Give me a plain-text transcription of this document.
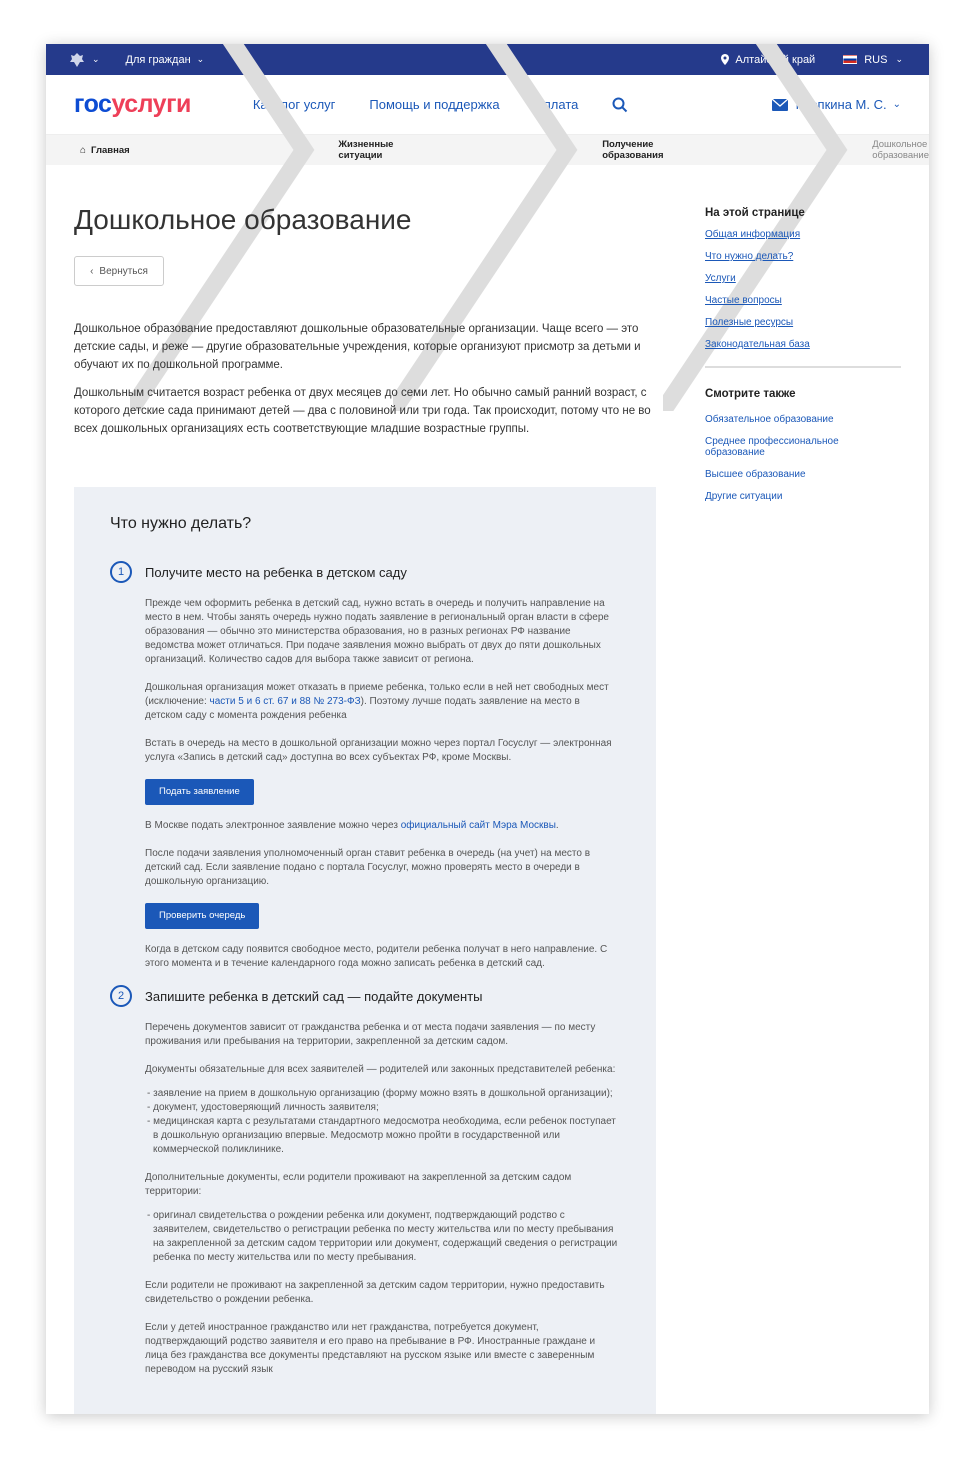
⌄ Для граждан ⌄	Алтайский край	RUS ⌄
госуслуги	Каталог услуг	Помощь и поддержка	Оплата	Кнопкина М. С. ⌄
⌂ Главная	Жизненные ситуации
Получение образования
Дошкольное образование
Дошкольное образование
‹ Вернуться

Дошкольное образование предоставляют дошкольные образовательные организации. Чаще всего — это детские сады, и реже — другие образовательные учреждения, которые организуют присмотр за детьми и обучают их по дошкольной программе.

Дошкольным считается возраст ребенка от двух месяцев до семи лет. Но обычно самый ранний возраст, с которого детские сада принимают детей — два с половиной или три года. Так происходит, потому что не во всех дошкольных организациях есть соответствующие младшие возрастные группы.

Что нужно делать?
1	Получите место на ребенка в детском саду

Прежде чем оформить ребенка в детский сад, нужно встать в очередь и получить направление на место в нем. Чтобы занять очередь нужно подать заявление в региональный орган власти в сфере образования — обычно это министерства образования, но в разных регионах РФ название ведомства может отличаться. При подаче заявления можно выбрать от двух до пяти дошкольных организаций. Количество садов для выбора также зависит от региона.

Дошкольная организация может отказать в приеме ребенка, только если в ней нет свободных мест (исключение: части 5 и 6 ст. 67 и 88 № 273-ФЗ). Поэтому лучше подать заявление на место в детском саду с момента рождения ребенка

Встать в очередь на место в дошкольной организации можно через портал Госуслуг — электронная услуга «Запись в детский сад» доступна во всех субъектах РФ, кроме Москвы.

Подать заявление

В Москве подать электронное заявление можно через официальный сайт Мэра Москвы.

После подачи заявления уполномоченный орган ставит ребенка в очередь (на учет) на место в детский сад. Если заявление подано с портала Госуслуг, можно проверять место в очереди в дошкольную организацию.

Проверить очередь

Когда в детском саду появится свободное место, родители ребенка получат в него направление. С этого момента и в течение календарного года можно записать ребенка в детский сад.

2	Запишите ребенка в детский сад — подайте документы

Перечень документов зависит от гражданства ребенка и от места подачи заявления — по месту проживания или пребывания на территории, закрепленной за детским садом.

Документы обязательные для всех заявителей — родителей или законных представителей ребенка:

- заявление на прием в дошкольную организацию (форму можно взять в дошкольной организации);
- документ, удостоверяющий личность заявителя;
- медицинская карта с результатами стандартного медосмотра необходима, если ребенок поступает в дошкольную организацию впервые. Медосмотр можно пройти в государственной или коммерческой поликлинике.

Дополнительные документы, если родители проживают на закрепленной за детским садом территории:

- оригинал свидетельства о рождении ребенка или документ, подтверждающий родство с заявителем, свидетельство о регистрации ребенка по месту жительства или по месту пребывания на закрепленной за детским садом территории или документ, содержащий сведения о регистрации ребенка по месту жительства или по месту пребывания.

Если родители не проживают на закрепленной за детским садом территории, нужно предоставить свидетельство о рождении ребенка.

Если у детей иностранное гражданство или нет гражданства, потребуется документ, подтверждающий родство заявителя и его право на пребывание в РФ. Иностранные граждане и лица без гражданства все документы представляют на русском языке или вместе с заверенным переводом на русский язык

На этой странице
Общая информация
Что нужно делать?
Услуги
Частые вопросы
Полезные ресурсы
Законодательная база
Смотрите также
Обязательное образование
Среднее профессиональное образование
Высшее образование
Другие ситуации
